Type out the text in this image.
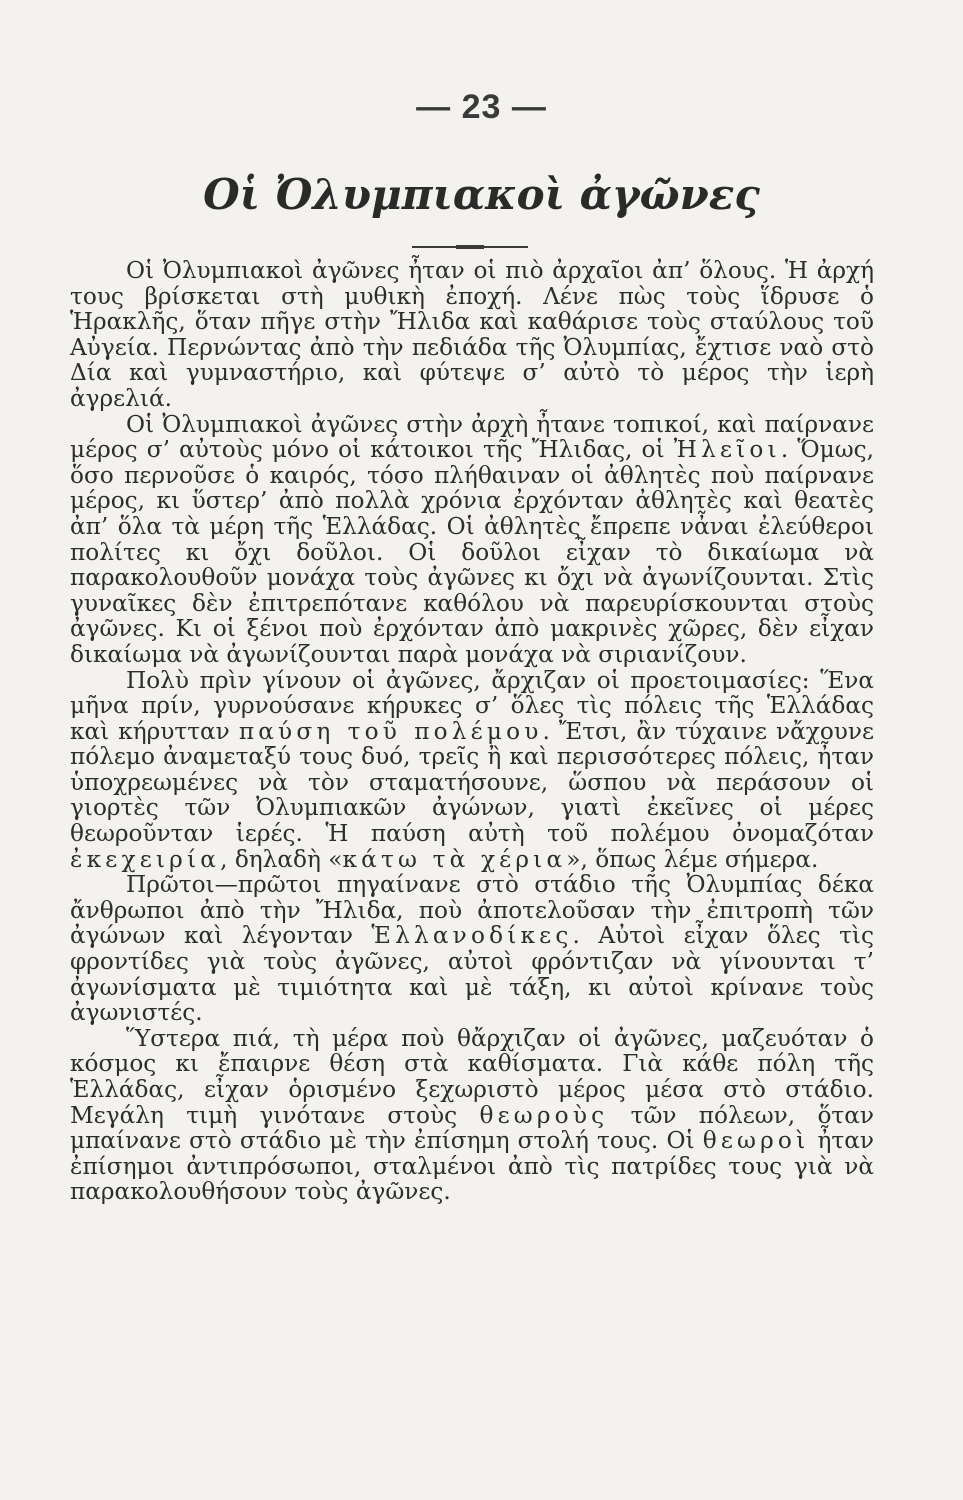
— 23 —
Οἱ Ὀλυμπιακοὶ ἀγῶνες

Οἱ Ὀλυμπιακοὶ ἀγῶνες ἦταν οἱ πιὸ ἀρχαῖοι ἀπ’ ὅλους. Ἡ ἀρχή τους βρίσκεται στὴ μυθικὴ ἐποχή. Λένε πὼς τοὺς ἵδρυσε ὁ Ἡρακλῆς, ὅταν πῆγε στὴν Ἤλιδα καὶ καθάρισε τοὺς σταύλους τοῦ Αὐγεία. Περνώντας ἀπὸ τὴν πεδιάδα τῆς Ὀλυμπίας, ἔχτισε ναὸ στὸ Δία καὶ γυμναστήριο, καὶ φύτεψε σ’ αὐτὸ τὸ μέρος τὴν ἱερὴ ἀγρελιά.

Οἱ Ὀλυμπιακοὶ ἀγῶνες στὴν ἀρχὴ ἦτανε τοπικοί, καὶ παίρνανε μέρος σ’ αὐτοὺς μόνο οἱ κάτοικοι τῆς Ἤλιδας, οἱ Ἠλεῖοι. Ὅμως, ὅσο περνοῦσε ὁ καιρός, τόσο πλήθαιναν οἱ ἀθλητὲς ποὺ παίρνανε μέρος, κι ὕστερ’ ἀπὸ πολλὰ χρόνια ἐρχόνταν ἀθλητὲς καὶ θεατὲς ἀπ’ ὅλα τὰ μέρη τῆς Ἑλλάδας. Οἱ ἀθλητὲς ἔπρεπε νἆναι ἐλεύθεροι πολίτες κι ὄχι δοῦλοι. Οἱ δοῦλοι εἶχαν τὸ δικαίωμα νὰ παρακολουθοῦν μονάχα τοὺς ἀγῶνες κι ὄχι νὰ ἀγωνίζουνται. Στὶς γυναῖκες δὲν ἐπιτρεπότανε καθόλου νὰ παρευρίσκουνται στοὺς ἀγῶνες. Κι οἱ ξένοι ποὺ ἐρχόνταν ἀπὸ μακρινὲς χῶρες, δὲν εἶχαν δικαίωμα νὰ ἀγωνίζουνται παρὰ μονάχα νὰ σιριανίζουν.

Πολὺ πρὶν γίνουν οἱ ἀγῶνες, ἄρχιζαν οἱ προετοιμασίες: Ἕνα μῆνα πρίν, γυρνούσανε κήρυκες σ’ ὅλες τὶς πόλεις τῆς Ἑλλάδας καὶ κήρυτταν παύση τοῦ πολέμου. Ἔτσι, ἂν τύχαινε νἄχουνε πόλεμο ἀναμεταξύ τους δυό, τρεῖς ἢ καὶ περισσότερες πόλεις, ἦταν ὑποχρεωμένες νὰ τὸν σταματήσουνε, ὥσπου νὰ περάσουν οἱ γιορτὲς τῶν Ὀλυμπιακῶν ἀγώνων, γιατὶ ἐκεῖνες οἱ μέρες θεωροῦνταν ἱερές. Ἡ παύση αὐτὴ τοῦ πολέμου ὀνομαζόταν ἐκεχειρία, δηλαδὴ «κάτω τὰ χέρια», ὅπως λέμε σήμερα.

Πρῶτοι—πρῶτοι πηγαίνανε στὸ στάδιο τῆς Ὀλυμπίας δέκα ἄνθρωποι ἀπὸ τὴν Ἤλιδα, ποὺ ἀποτελοῦσαν τὴν ἐπιτροπὴ τῶν ἀγώνων καὶ λέγονταν Ἑλλανοδίκες. Αὐτοὶ εἶχαν ὅλες τὶς φροντίδες γιὰ τοὺς ἀγῶνες, αὐτοὶ φρόντιζαν νὰ γίνουνται τ’ ἀγωνίσματα μὲ τιμιότητα καὶ μὲ τάξη, κι αὐτοὶ κρίνανε τοὺς ἀγωνιστές.

Ὕστερα πιά, τὴ μέρα ποὺ θἄρχιζαν οἱ ἀγῶνες, μαζευόταν ὁ κόσμος κι ἔπαιρνε θέση στὰ καθίσματα. Γιὰ κάθε πόλη τῆς Ἑλλάδας, εἶχαν ὁρισμένο ξεχωριστὸ μέρος μέσα στὸ στάδιο. Μεγάλη τιμὴ γινότανε στοὺς θεωροὺς τῶν πόλεων, ὅταν μπαίνανε στὸ στάδιο μὲ τὴν ἐπίσημη στολή τους. Οἱ θεωροὶ ἦταν ἐπίσημοι ἀντιπρόσωποι, σταλμένοι ἀπὸ τὶς πατρίδες τους γιὰ νὰ παρακολουθήσουν τοὺς ἀγῶνες.
